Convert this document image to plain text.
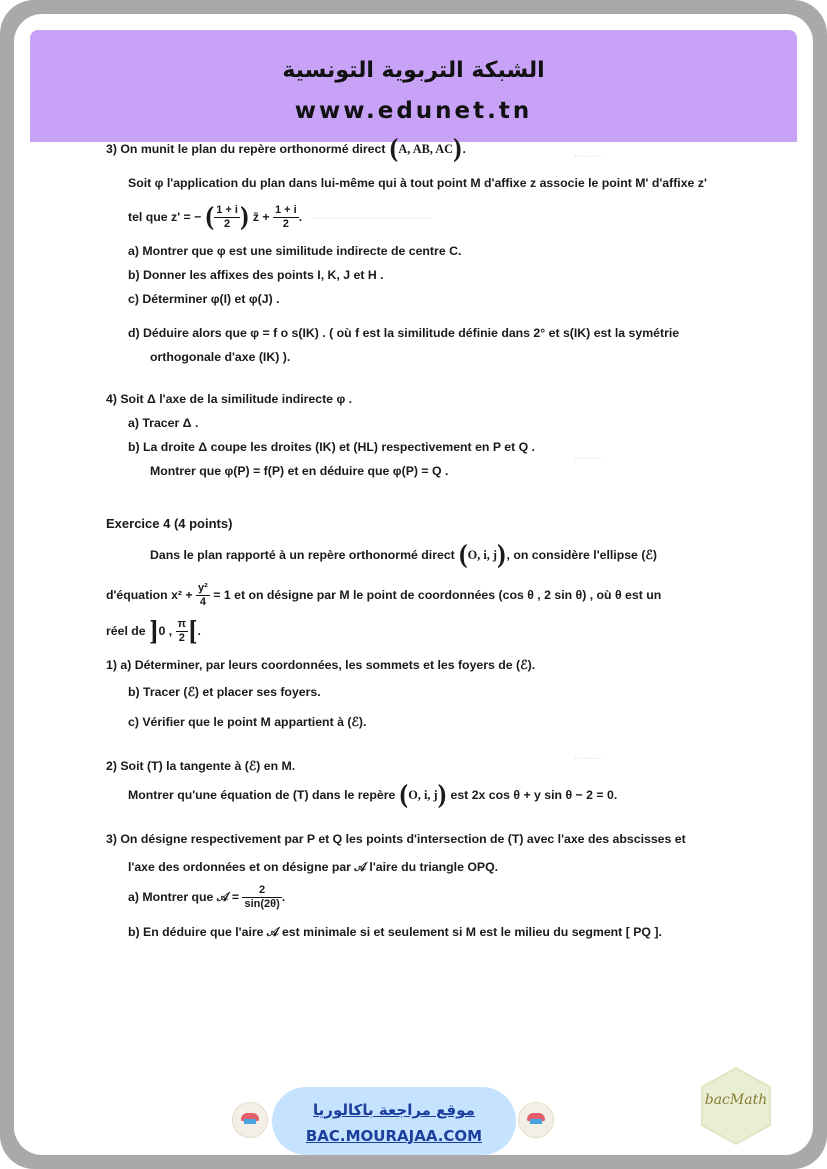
الشبكة التربوية التونسية
www.edunet.tn
.........
......................................
.........
.........
3) On munit le plan du repère orthonormé direct (A, AB, AC).
Soit φ l'application du plan dans lui-même qui à tout point M d'affixe z associe le point M' d'affixe z'
tel que z' = − ( $\frac{1 + i}{2}$ ) z̄ + $\frac{1 + i}{2}$ .
a) Montrer que φ est une similitude indirecte de centre C.
b) Donner les affixes des points I, K, J et H .
c) Déterminer φ(I) et φ(J) .
d) Déduire alors que φ = f o s(IK) . ( où f est la similitude définie dans 2° et s(IK) est la symétrie
orthogonale d'axe (IK) ).
4) Soit Δ l'axe de la similitude indirecte φ .
a) Tracer Δ .
b) La droite Δ coupe les droites (IK) et (HL) respectivement en P et Q .
Montrer que φ(P) = f(P) et en déduire que φ(P) = Q .
Exercice 4 (4 points)
Dans le plan rapporté à un repère orthonormé direct (O, i, j), on considère l'ellipse (ℰ)
d'équation $x^2 + \frac{\text{y²}}{4} = 1$ et on désigne par M le point de coordonnées (cos θ , 2 sin θ) , où θ est un
réel de ]0 , $\frac{\pi}{2}$ [.
1) a) Déterminer, par leurs coordonnées, les sommets et les foyers de (ℰ).
b) Tracer (ℰ) et placer ses foyers.
c) Vérifier que le point M appartient à (ℰ).
2) Soit (T) la tangente à (ℰ) en M.
Montrer qu'une équation de (T) dans le repère (O, i, j) est 2x cos θ + y sin θ − 2 = 0.
3) On désigne respectivement par P et Q les points d'intersection de (T) avec l'axe des abscisses et
l'axe des ordonnées et on désigne par 𝒜 l'aire du triangle OPQ.
a) Montrer que 𝒜 = $\frac{2}{\sin(2\theta)}$ .
b) En déduire que l'aire 𝒜 est minimale si et seulement si M est le milieu du segment [ PQ ].
موقع مراجعة باكالوريا
BAC.MOURAJAA.COM
bacMath
